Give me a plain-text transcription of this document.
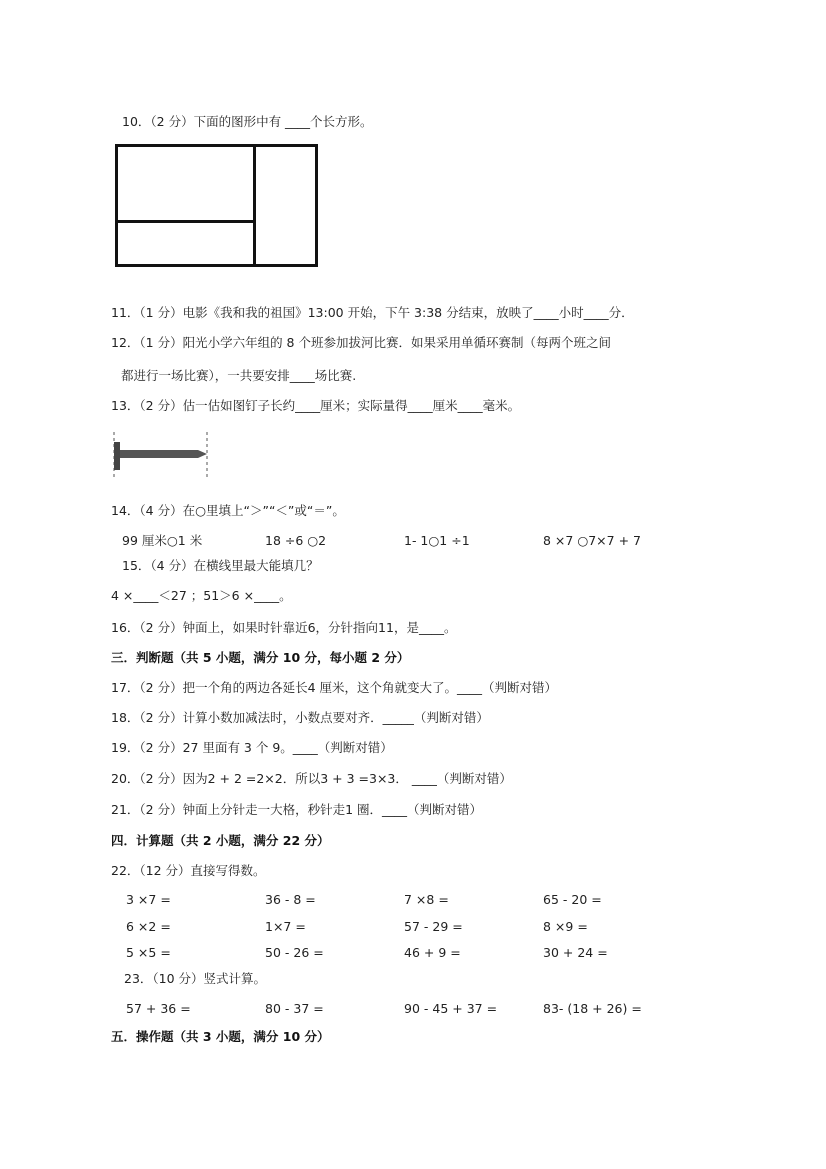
10．（2 分）下面的图形中有 ____个长方形。
11．（1 分）电影《我和我的祖国》13:00 开始，下午 3:38 分结束，放映了____小时____分．
12．（1 分）阳光小学六年组的 8 个班参加拔河比赛．如果采用单循环赛制（每两个班之间
都进行一场比赛），一共要安排____场比赛.
13．（2 分）估一估如图钉子长约____厘米；实际量得____厘米____毫米。
14．（4 分）在○里填上“＞”“＜”或“＝”。
99 厘米○1 米	18 ÷6 ○2	1- 1○1 ÷1	8 ×7 ○7×7 + 7
15．（4 分）在横线里最大能填几？
4 ×____＜27 ；51＞6 ×____。
16．（2 分）钟面上，如果时针靠近6，分针指向11，是____。
三．判断题（共 5 小题，满分 10 分，每小题 2 分）
17．（2 分）把一个角的两边各延长4 厘米，这个角就变大了。____（判断对错）
18．（2 分）计算小数加减法时，小数点要对齐．_____（判断对错）
19．（2 分）27 里面有 3 个 9。____（判断对错）
20．（2 分）因为2 + 2 =2×2．所以3 + 3 =3×3． ____（判断对错）
21．（2 分）钟面上分针走一大格，秒针走1 圈．____（判断对错）
四．计算题（共 2 小题，满分 22 分）
22．（12 分）直接写得数。
3 ×7 =	36 - 8 =	7 ×8 =	65 - 20 =
6 ×2 =	1×7 =	57 - 29 =	8 ×9 =
5 ×5 =	50 - 26 =	46 + 9 =	30 + 24 =
23．（10 分）竖式计算。
57 + 36 =	80 - 37 =	90 - 45 + 37 =	83- (18 + 26) =
五．操作题（共 3 小题，满分 10 分）
